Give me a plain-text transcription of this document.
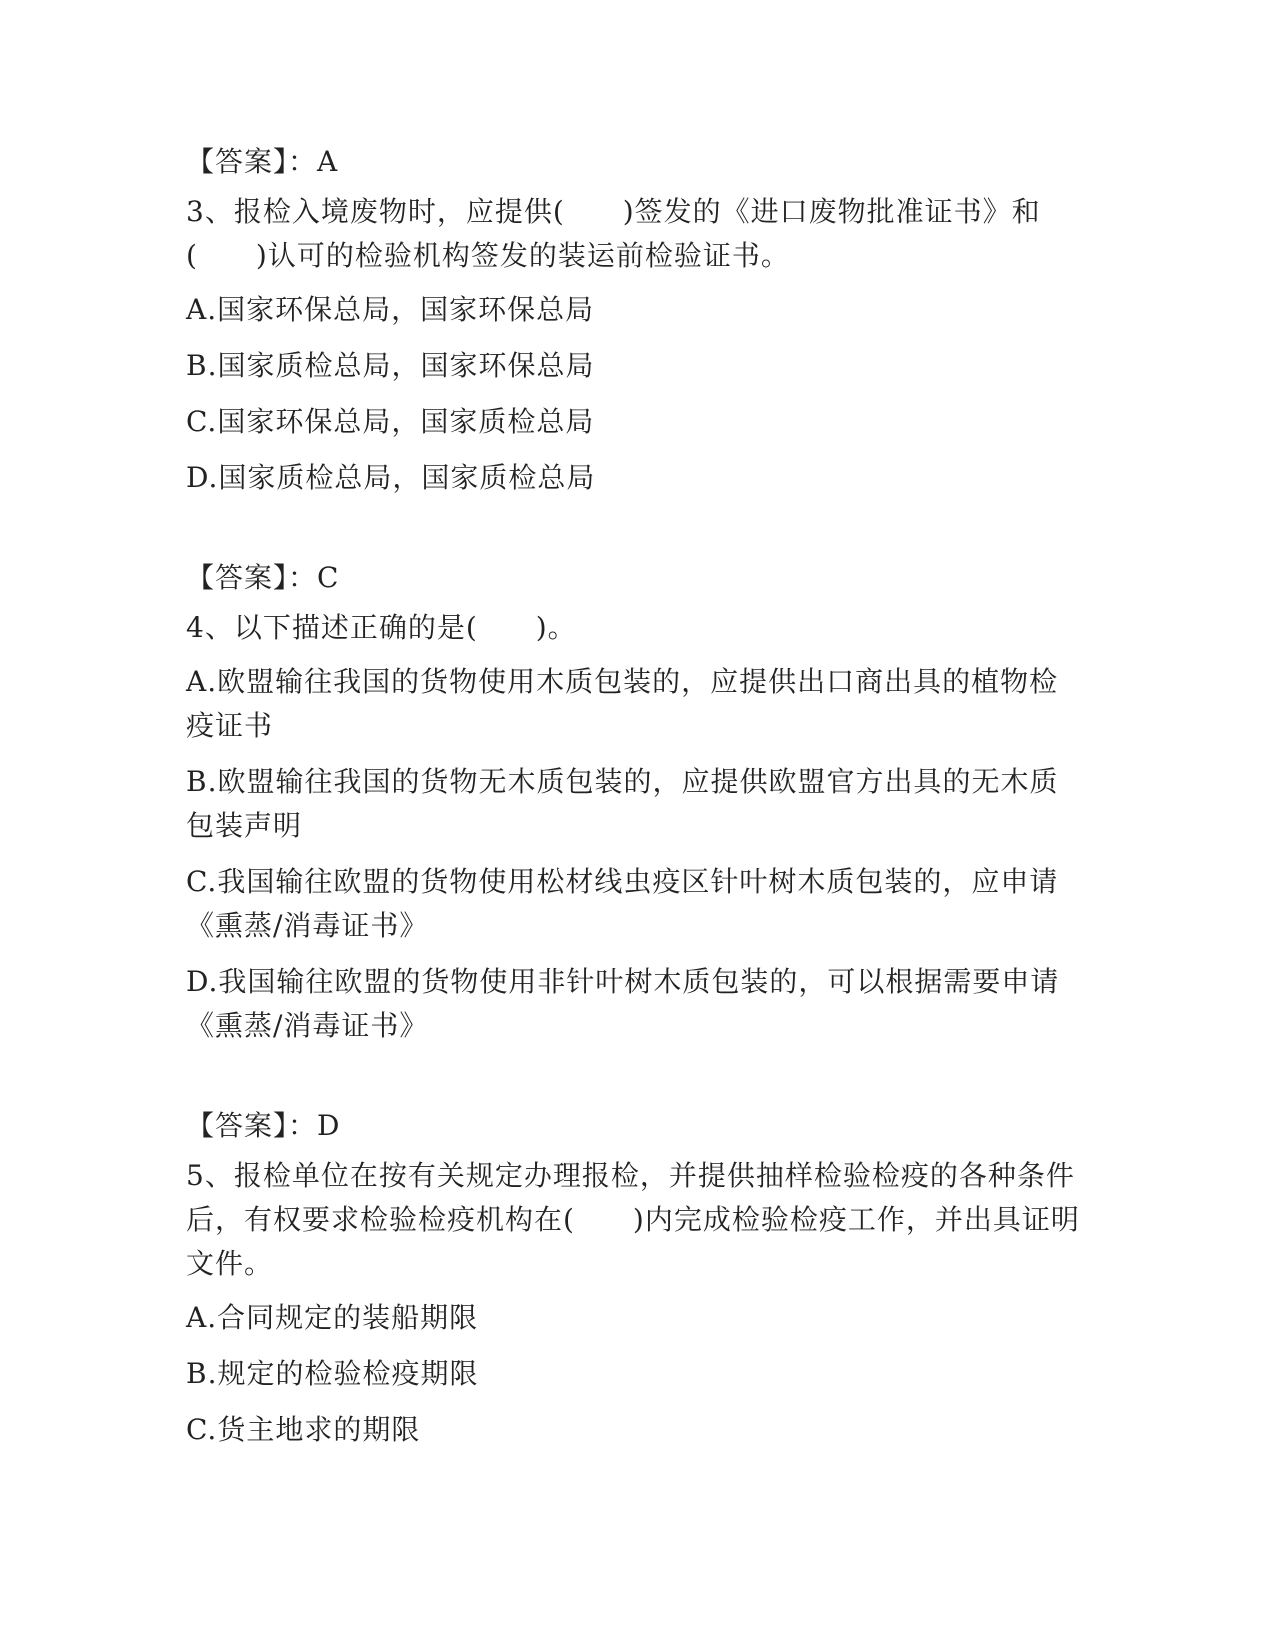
【答案】：A
3、报检入境废物时，应提供(　　)签发的《进口废物批准证书》和(　　)认可的检验机构签发的装运前检验证书。
A.国家环保总局，国家环保总局
B.国家质检总局，国家环保总局
C.国家环保总局，国家质检总局
D.国家质检总局，国家质检总局
【答案】：C
4、以下描述正确的是(　　)。
A.欧盟输往我国的货物使用木质包装的，应提供出口商出具的植物检疫证书
B.欧盟输往我国的货物无木质包装的，应提供欧盟官方出具的无木质包装声明
C.我国输往欧盟的货物使用松材线虫疫区针叶树木质包装的，应申请《熏蒸/消毒证书》
D.我国输往欧盟的货物使用非针叶树木质包装的，可以根据需要申请《熏蒸/消毒证书》
【答案】：D
5、报检单位在按有关规定办理报检，并提供抽样检验检疫的各种条件后，有权要求检验检疫机构在(　　)内完成检验检疫工作，并出具证明文件。
A.合同规定的装船期限
B.规定的检验检疫期限
C.货主地求的期限
